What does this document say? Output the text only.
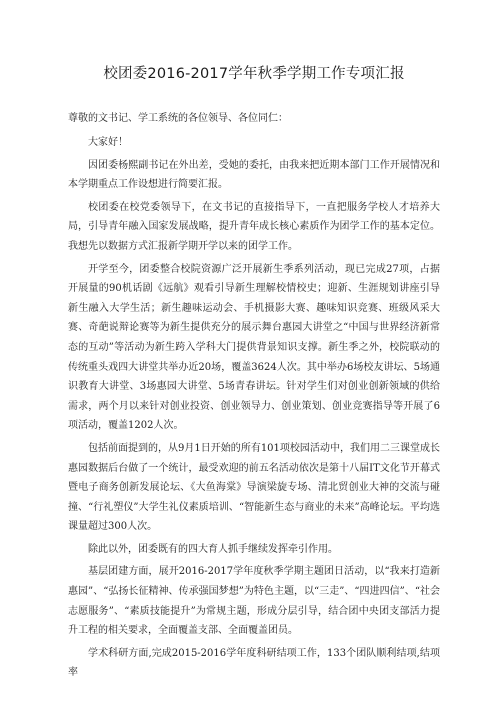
校团委2016-2017学年秋季学期工作专项汇报

尊敬的文书记、学工系统的各位领导、各位同仁：

大家好！

因团委杨熙副书记在外出差，受她的委托，由我来把近期本部门工作开展情况和本学期重点工作设想进行简要汇报。

校团委在校党委领导下，在文书记的直接指导下，一直把服务学校人才培养大局，引导青年融入国家发展战略，提升青年成长核心素质作为团学工作的基本定位。我想先以数据方式汇报新学期开学以来的团学工作。

开学至今，团委整合校院资源广泛开展新生季系列活动，现已完成27项，占据开展量的90机话剧《远航》观看引导新生理解校情校史；迎新、生涯规划讲座引导新生融入大学生活；新生趣味运动会、手机摄影大赛、趣味知识竞赛、班级风采大赛、奇葩说辩论赛等为新生提供充分的展示舞台惠园大讲堂之“中国与世界经济新常态的互动”等活动为新生跨入学科大门提供背景知识支撑。新生季之外，校院联动的传统重头戏四大讲堂共举办近20场，覆盖3624人次。其中举办6场校友讲坛、5场通识教育大讲堂、3场惠园大讲堂、5场青春讲坛。针对学生们对创业创新领域的供给需求，两个月以来针对创业投资、创业领导力、创业策划、创业竞赛指导等开展了6项活动，覆盖1202人次。

包括前面提到的，从9月1日开始的所有101项校园活动中，我们用二三课堂成长惠园数据后台做了一个统计，最受欢迎的前五名活动依次是第十八届IT文化节开幕式暨电子商务创新发展论坛、《大鱼海棠》导演梁旋专场、清北贸创业大神的交流与碰撞、“行礼塑仪”大学生礼仪素质培训、“智能新生态与商业的未来”高峰论坛。平均选课量超过300人次。

除此以外，团委既有的四大育人抓手继续发挥牵引作用。

基层团建方面，展开2016-2017学年度秋季学期主题团日活动，以“我来打造新惠园”、“弘扬长征精神、传承强国梦想”为特色主题，以“三走”、“四进四信”、“社会志愿服务”、“素质技能提升”为常规主题，形成分层引导，结合团中央团支部活力提升工程的相关要求，全面覆盖支部、全面覆盖团员。

学术科研方面,完成2015-2016学年度科研结项工作，133个团队顺利结项,结项率
